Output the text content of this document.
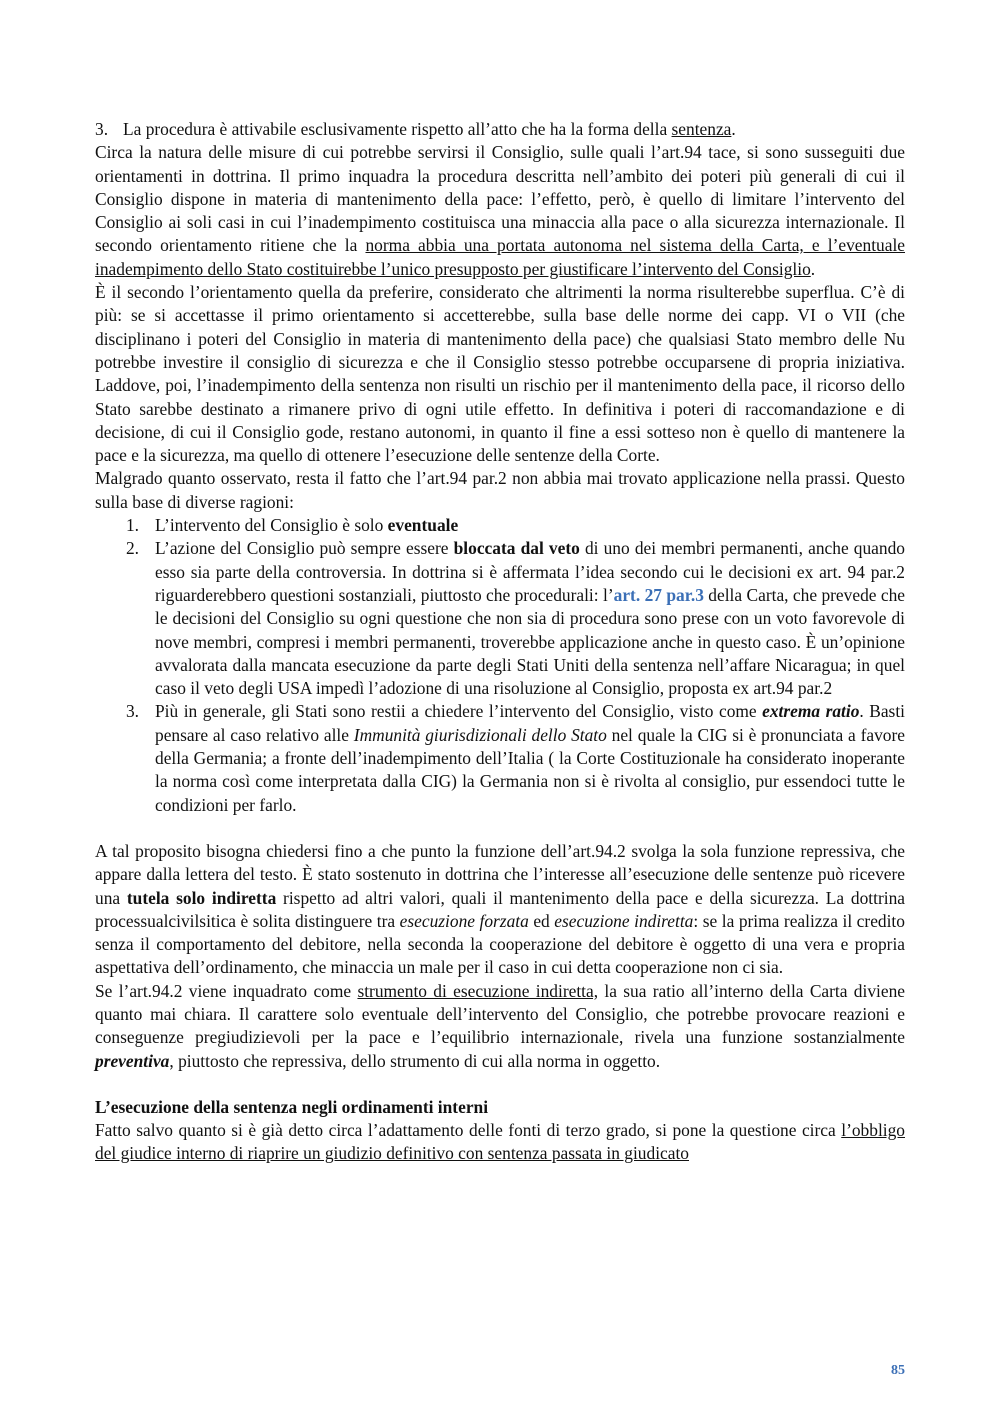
3. La procedura è attivabile esclusivamente rispetto all’atto che ha la forma della sentenza.

Circa la natura delle misure di cui potrebbe servirsi il Consiglio, sulle quali l’art.94 tace, si sono susseguiti due orientamenti in dottrina. Il primo inquadra la procedura descritta nell’ambito dei poteri più generali di cui il Consiglio dispone in materia di mantenimento della pace: l’effetto, però, è quello di limitare l’intervento del Consiglio ai soli casi in cui l’inadempimento costituisca una minaccia alla pace o alla sicurezza internazionale. Il secondo orientamento ritiene che la norma abbia una portata autonoma nel sistema della Carta, e l’eventuale inadempimento dello Stato costituirebbe l’unico presupposto per giustificare l’intervento del Consiglio.

È il secondo l’orientamento quella da preferire, considerato che altrimenti la norma risulterebbe superflua. C’è di più: se si accettasse il primo orientamento si accetterebbe, sulla base delle norme dei capp. VI o VII (che disciplinano i poteri del Consiglio in materia di mantenimento della pace) che qualsiasi Stato membro delle Nu potrebbe investire il consiglio di sicurezza e che il Consiglio stesso potrebbe occuparsene di propria iniziativa. Laddove, poi, l’inadempimento della sentenza non risulti un rischio per il mantenimento della pace, il ricorso dello Stato sarebbe destinato a rimanere privo di ogni utile effetto. In definitiva i poteri di raccomandazione e di decisione, di cui il Consiglio gode, restano autonomi, in quanto il fine a essi sotteso non è quello di mantenere la pace e la sicurezza, ma quello di ottenere l’esecuzione delle sentenze della Corte.

Malgrado quanto osservato, resta il fatto che l’art.94 par.2 non abbia mai trovato applicazione nella prassi. Questo sulla base di diverse ragioni:

1. L’intervento del Consiglio è solo eventuale
2. L’azione del Consiglio può sempre essere bloccata dal veto di uno dei membri permanenti, anche quando esso sia parte della controversia. In dottrina si è affermata l’idea secondo cui le decisioni ex art. 94 par.2 riguarderebbero questioni sostanziali, piuttosto che procedurali: l’art. 27 par.3 della Carta, che prevede che le decisioni del Consiglio su ogni questione che non sia di procedura sono prese con un voto favorevole di nove membri, compresi i membri permanenti, troverebbe applicazione anche in questo caso. È un’opinione avvalorata dalla mancata esecuzione da parte degli Stati Uniti della sentenza nell’affare Nicaragua; in quel caso il veto degli USA impedì l’adozione di una risoluzione al Consiglio, proposta ex art.94 par.2
3. Più in generale, gli Stati sono restii a chiedere l’intervento del Consiglio, visto come extrema ratio. Basti pensare al caso relativo alle Immunità giurisdizionali dello Stato nel quale la CIG si è pronunciata a favore della Germania; a fronte dell’inadempimento dell’Italia ( la Corte Costituzionale ha considerato inoperante la norma così come interpretata dalla CIG) la Germania non si è rivolta al consiglio, pur essendoci tutte le condizioni per farlo.

A tal proposito bisogna chiedersi fino a che punto la funzione dell’art.94.2 svolga la sola funzione repressiva, che appare dalla lettera del testo. È stato sostenuto in dottrina che l’interesse all’esecuzione delle sentenze può ricevere una tutela solo indiretta rispetto ad altri valori, quali il mantenimento della pace e della sicurezza. La dottrina processualcivilsitica è solita distinguere tra esecuzione forzata ed esecuzione indiretta: se la prima realizza il credito senza il comportamento del debitore, nella seconda la cooperazione del debitore è oggetto di una vera e propria aspettativa dell’ordinamento, che minaccia un male per il caso in cui detta cooperazione non ci sia.

Se l’art.94.2 viene inquadrato come strumento di esecuzione indiretta, la sua ratio all’interno della Carta diviene quanto mai chiara. Il carattere solo eventuale dell’intervento del Consiglio, che potrebbe provocare reazioni e conseguenze pregiudizievoli per la pace e l’equilibrio internazionale, rivela una funzione sostanzialmente preventiva, piuttosto che repressiva, dello strumento di cui alla norma in oggetto.

L’esecuzione della sentenza negli ordinamenti interni

Fatto salvo quanto si è già detto circa l’adattamento delle fonti di terzo grado, si pone la questione circa l’obbligo del giudice interno di riaprire un giudizio definitivo con sentenza passata in giudicato

85
